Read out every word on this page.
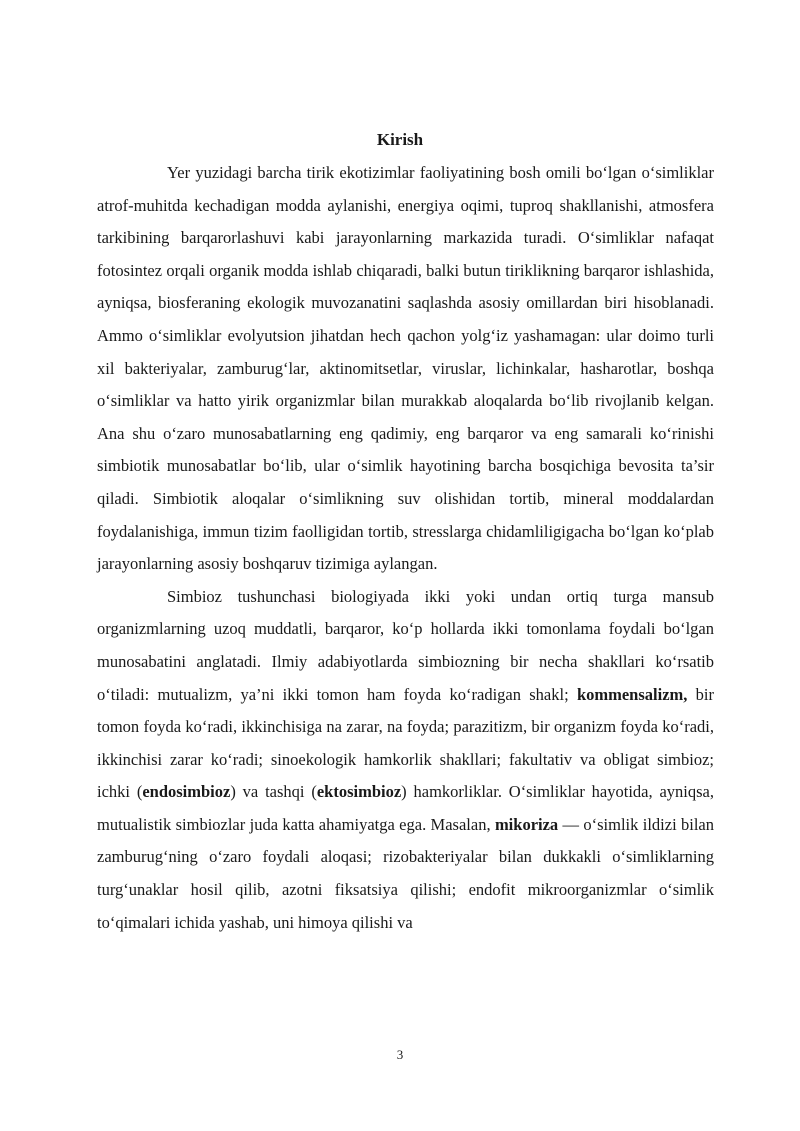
Kirish

Yer yuzidagi barcha tirik ekotizimlar faoliyatining bosh omili bo‘lgan o‘simliklar atrof-muhitda kechadigan modda aylanishi, energiya oqimi, tuproq shakllanishi, atmosfera tarkibining barqarorlashuvi kabi jarayonlarning markazida turadi. O‘simliklar nafaqat fotosintez orqali organik modda ishlab chiqaradi, balki butun tiriklikning barqaror ishlashida, ayniqsa, biosferaning ekologik muvozanatini saqlashda asosiy omillardan biri hisoblanadi. Ammo o‘simliklar evolyutsion jihatdan hech qachon yolg‘iz yashamagan: ular doimo turli xil bakteriyalar, zamburug‘lar, aktinomitsetlar, viruslar, lichinkalar, hasharotlar, boshqa o‘simliklar va hatto yirik organizmlar bilan murakkab aloqalarda bo‘lib rivojlanib kelgan. Ana shu o‘zaro munosabatlarning eng qadimiy, eng barqaror va eng samarali ko‘rinishi simbiotik munosabatlar bo‘lib, ular o‘simlik hayotining barcha bosqichiga bevosita ta’sir qiladi. Simbiotik aloqalar o‘simlikning suv olishidan tortib, mineral moddalardan foydalanishiga, immun tizim faolligidan tortib, stresslarga chidamliligigacha bo‘lgan ko‘plab jarayonlarning asosiy boshqaruv tizimiga aylangan.

Simbioz tushunchasi biologiyada ikki yoki undan ortiq turga mansub organizmlarning uzoq muddatli, barqaror, ko‘p hollarda ikki tomonlama foydali bo‘lgan munosabatini anglatadi. Ilmiy adabiyotlarda simbiozning bir necha shakllari ko‘rsatib o‘tiladi: mutualizm, ya’ni ikki tomon ham foyda ko‘radigan shakl; kommensalizm, bir tomon foyda ko‘radi, ikkinchisiga na zarar, na foyda; parazitizm, bir organizm foyda ko‘radi, ikkinchisi zarar ko‘radi; sinoekologik hamkorlik shakllari; fakultativ va obligat simbioz; ichki (endosimbioz) va tashqi (ektosimbioz) hamkorliklar. O‘simliklar hayotida, ayniqsa, mutualistik simbiozlar juda katta ahamiyatga ega. Masalan, mikoriza — o‘simlik ildizi bilan zamburug‘ning o‘zaro foydali aloqasi; rizobakteriyalar bilan dukkakli o‘simliklarning turg‘unaklar hosil qilib, azotni fiksatsiya qilishi; endofit mikroorganizmlar o‘simlik to‘qimalari ichida yashab, uni himoya qilishi va

3
